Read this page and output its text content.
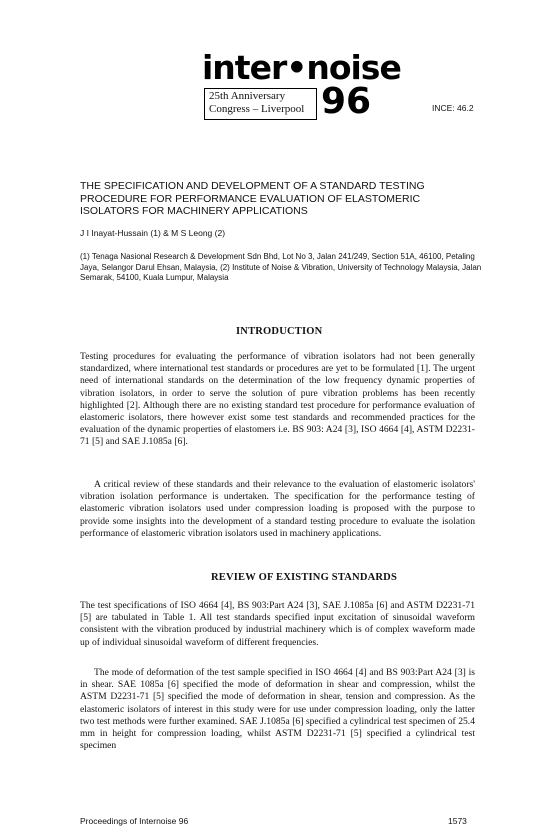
inter•noise
25th Anniversary
Congress – Liverpool 96	INCE: 46.2
THE SPECIFICATION AND DEVELOPMENT OF A STANDARD TESTING PROCEDURE FOR PERFORMANCE EVALUATION OF ELASTOMERIC ISOLATORS FOR MACHINERY APPLICATIONS
J I Inayat-Hussain (1) & M S Leong (2)
(1) Tenaga Nasional Research & Development Sdn Bhd, Lot No 3, Jalan 241/249, Section 51A, 46100, Petaling Jaya, Selangor Darul Ehsan, Malaysia, (2) Institute of Noise & Vibration, University of Technology Malaysia, Jalan Semarak, 54100, Kuala Lumpur, Malaysia
INTRODUCTION
Testing procedures for evaluating the performance of vibration isolators had not been generally standardized, where international test standards or procedures are yet to be formulated [1]. The urgent need of international standards on the determination of the low frequency dynamic properties of vibration isolators, in order to serve the solution of pure vibration problems has been recently highlighted [2]. Although there are no existing standard test procedure for performance evaluation of elastomeric isolators, there however exist some test standards and recommended practices for the evaluation of the dynamic properties of elastomers i.e. BS 903: A24 [3], ISO 4664 [4], ASTM D2231-71 [5] and SAE J.1085a [6].
A critical review of these standards and their relevance to the evaluation of elastomeric isolators' vibration isolation performance is undertaken. The specification for the performance testing of elastomeric vibration isolators used under compression loading is proposed with the purpose to provide some insights into the development of a standard testing procedure to evaluate the isolation performance of elastomeric vibration isolators used in machinery applications.
REVIEW OF EXISTING STANDARDS
The test specifications of ISO 4664 [4], BS 903:Part A24 [3], SAE J.1085a [6] and ASTM D2231-71 [5] are tabulated in Table 1. All test standards specified input excitation of sinusoidal waveform consistent with the vibration produced by industrial machinery which is of complex waveform made up of individual sinusoidal waveform of different frequencies.
The mode of deformation of the test sample specified in ISO 4664 [4] and BS 903:Part A24 [3] is in shear. SAE 1085a [6] specified the mode of deformation in shear and compression, whilst the ASTM D2231-71 [5] specified the mode of deformation in shear, tension and compression. As the elastomeric isolators of interest in this study were for use under compression loading, only the latter two test methods were further examined. SAE J.1085a [6] specified a cylindrical test specimen of 25.4 mm in height for compression loading, whilst ASTM D2231-71 [5] specified a cylindrical test specimen
Proceedings of Internoise 96	1573
